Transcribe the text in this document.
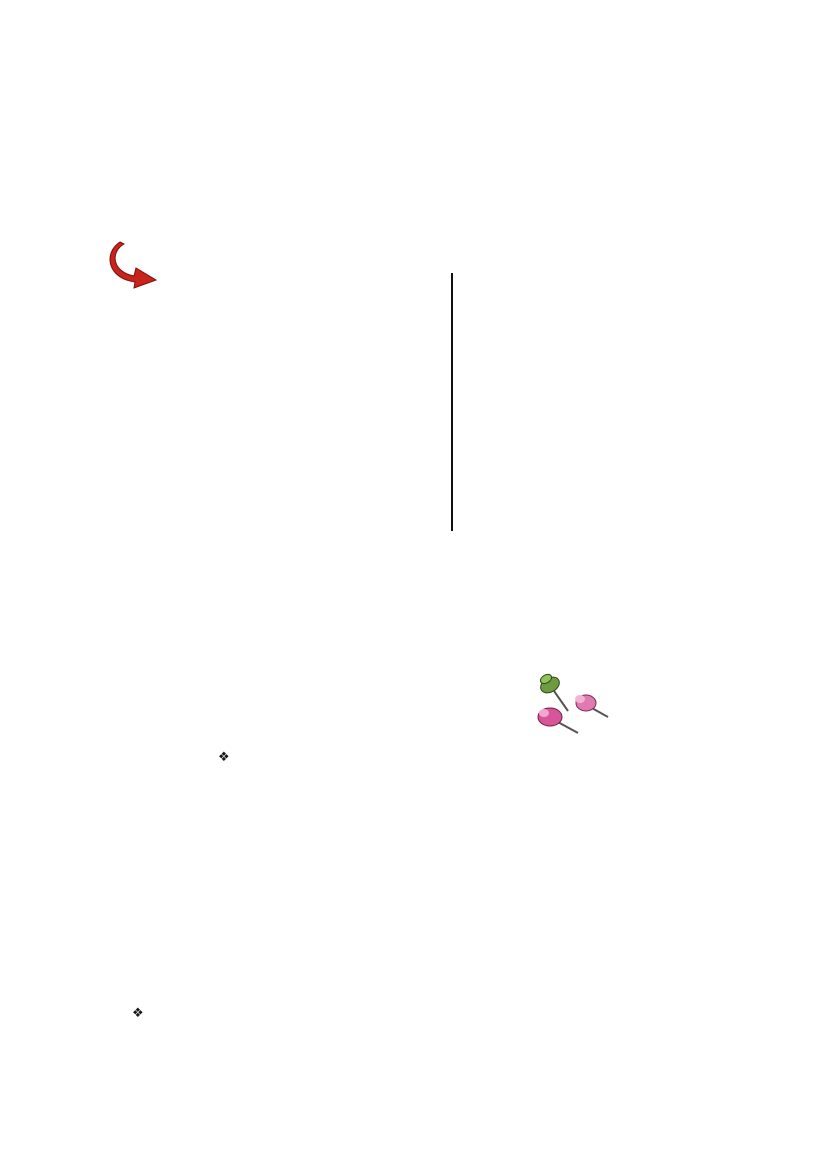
❖
❖
